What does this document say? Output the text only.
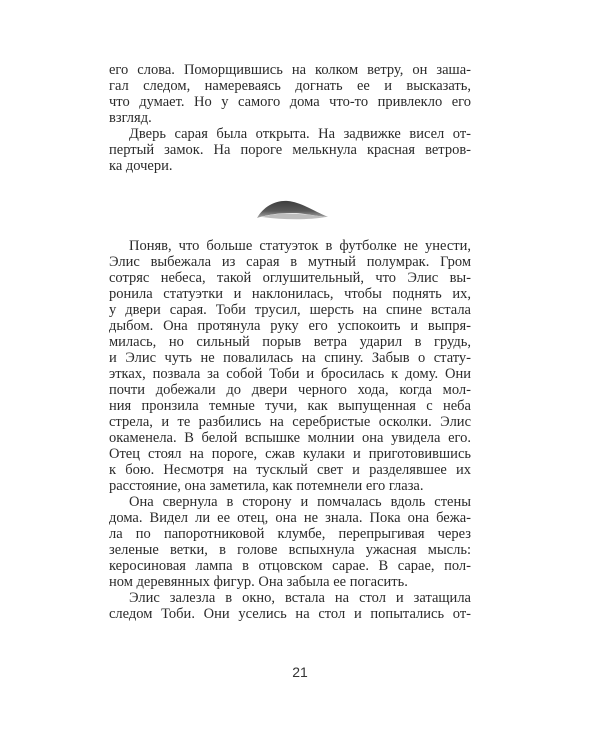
его слова. Поморщившись на колком ветру, он заша-
гал следом, намереваясь догнать ее и высказать,
что думает. Но у самого дома что-то привлекло его
взгляд.
Дверь сарая была открыта. На задвижке висел от-
пертый замок. На пороге мелькнула красная ветров-
ка дочери.
Поняв, что больше статуэток в футболке не унести,
Элис выбежала из сарая в мутный полумрак. Гром
сотряс небеса, такой оглушительный, что Элис вы-
ронила статуэтки и наклонилась, чтобы поднять их,
у двери сарая. Тоби трусил, шерсть на спине встала
дыбом. Она протянула руку его успокоить и выпря-
милась, но сильный порыв ветра ударил в грудь,
и Элис чуть не повалилась на спину. Забыв о стату-
этках, позвала за собой Тоби и бросилась к дому. Они
почти добежали до двери черного хода, когда мол-
ния пронзила темные тучи, как выпущенная с неба
стрела, и те разбились на серебристые осколки. Элис
окаменела. В белой вспышке молнии она увидела его.
Отец стоял на пороге, сжав кулаки и приготовившись
к бою. Несмотря на тусклый свет и разделявшее их
расстояние, она заметила, как потемнели его глаза.
Она свернула в сторону и помчалась вдоль стены
дома. Видел ли ее отец, она не знала. Пока она бежа-
ла по папоротниковой клумбе, перепрыгивая через
зеленые ветки, в голове вспыхнула ужасная мысль:
керосиновая лампа в отцовском сарае. В сарае, пол-
ном деревянных фигур. Она забыла ее погасить.
Элис залезла в окно, встала на стол и затащила
следом Тоби. Они уселись на стол и попытались от-
21
